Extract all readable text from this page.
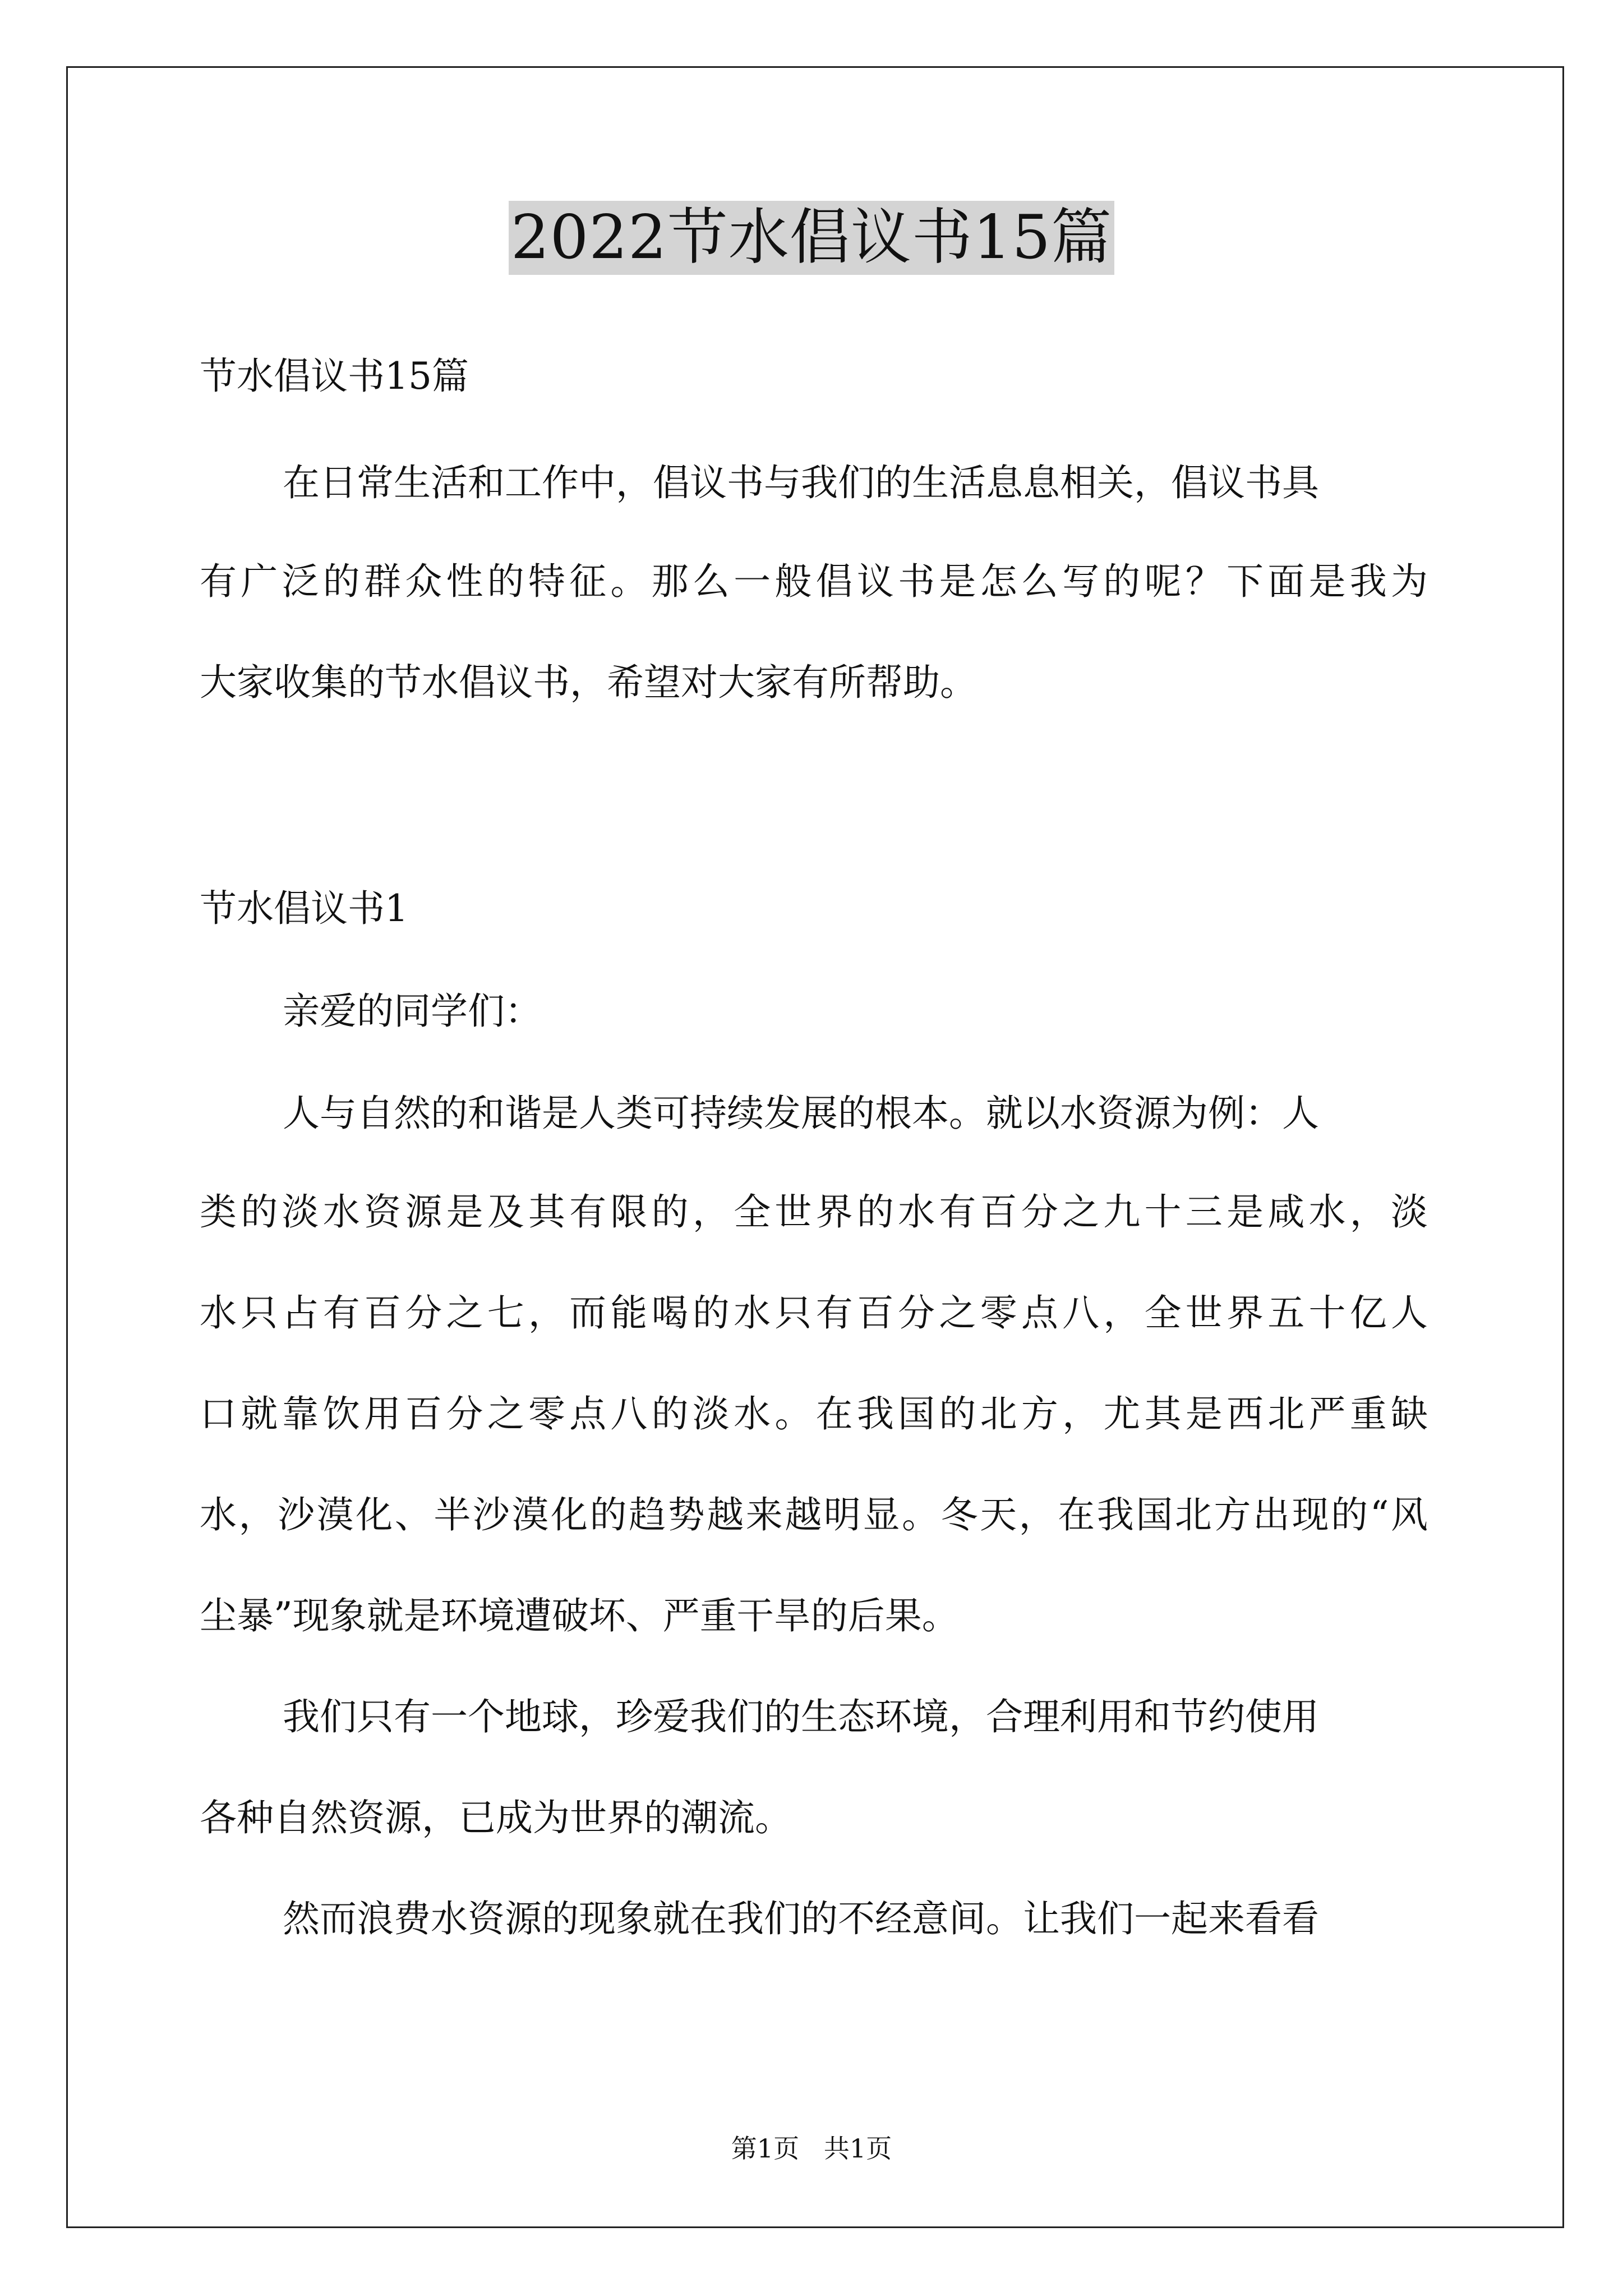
2022节水倡议书15篇
节水倡议书15篇
在日常生活和工作中，倡议书与我们的生活息息相关，倡议书具
有广泛的群众性的特征。那么一般倡议书是怎么写的呢？下面是我为
大家收集的节水倡议书，希望对大家有所帮助。
节水倡议书1
亲爱的同学们：
人与自然的和谐是人类可持续发展的根本。就以水资源为例：人
类的淡水资源是及其有限的，全世界的水有百分之九十三是咸水，淡
水只占有百分之七，而能喝的水只有百分之零点八，全世界五十亿人
口就靠饮用百分之零点八的淡水。在我国的北方，尤其是西北严重缺
水，沙漠化、半沙漠化的趋势越来越明显。冬天，在我国北方出现的“风
尘暴”现象就是环境遭破坏、严重干旱的后果。
我们只有一个地球，珍爱我们的生态环境，合理利用和节约使用
各种自然资源，已成为世界的潮流。
然而浪费水资源的现象就在我们的不经意间。让我们一起来看看
第1页   共1页
